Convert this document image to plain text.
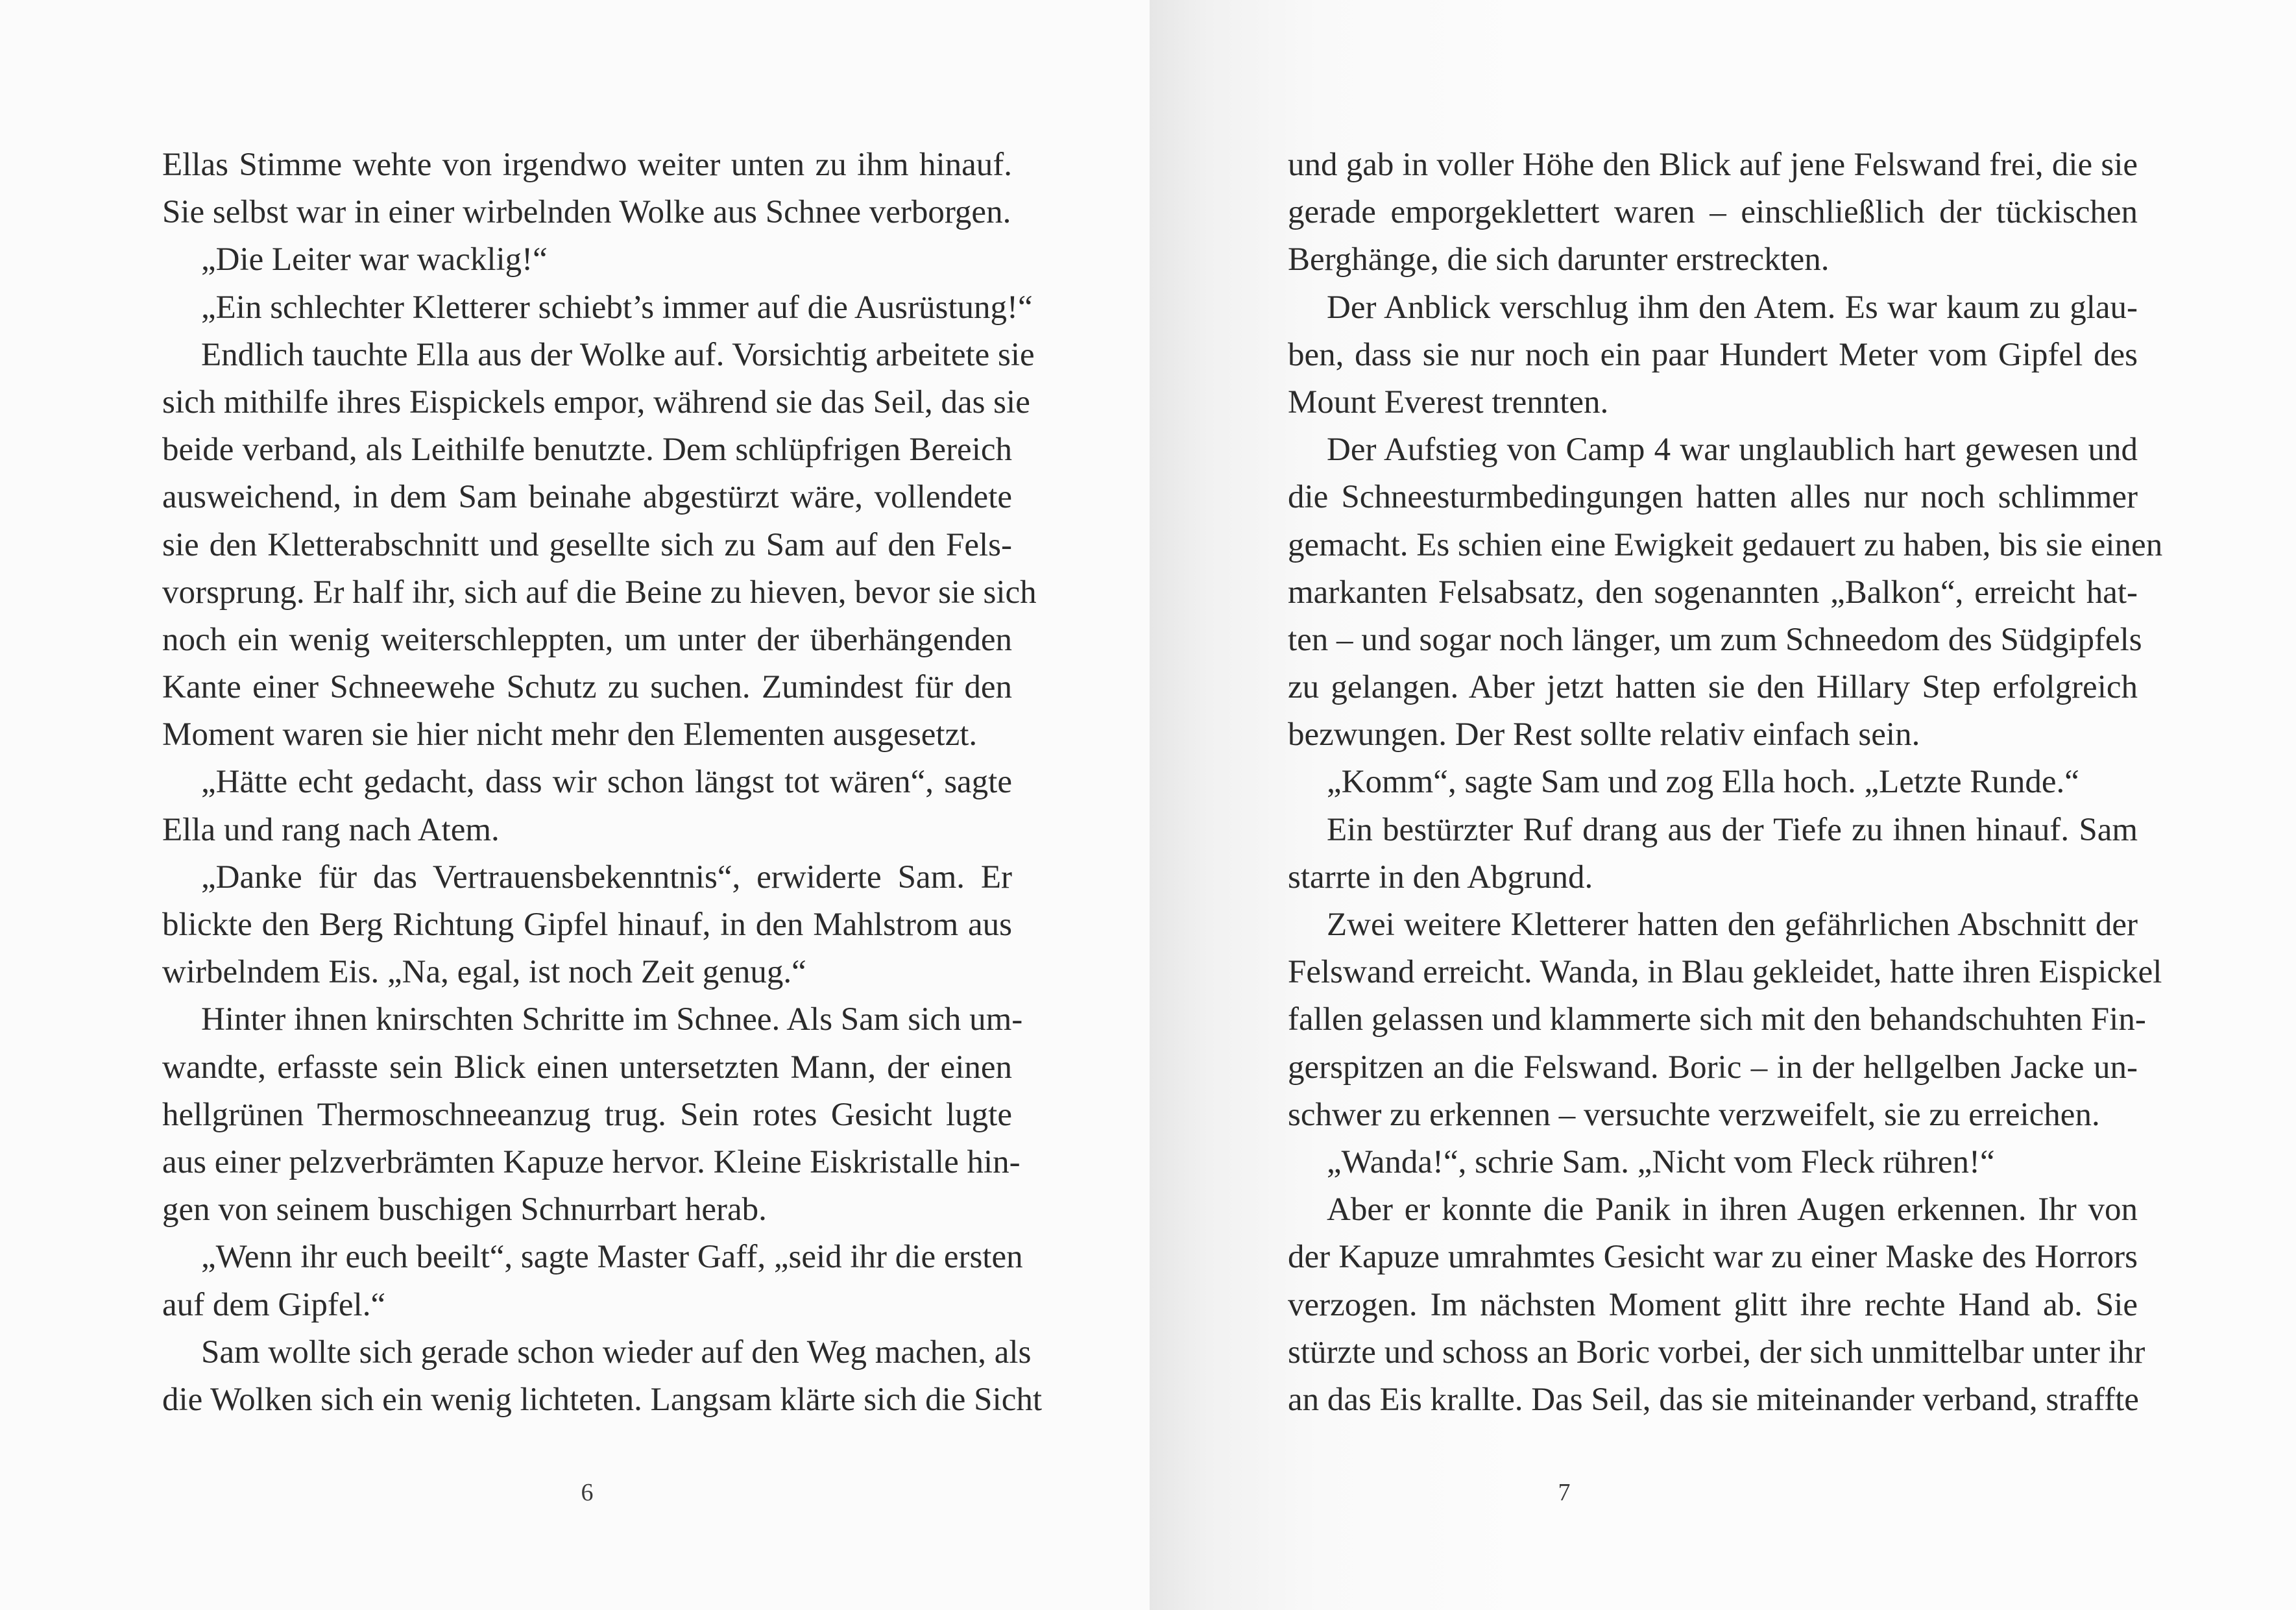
Ellas Stimme wehte von irgendwo weiter unten zu ihm hinauf.
Sie selbst war in einer wirbelnden Wolke aus Schnee verborgen.
„Die Leiter war wacklig!“
„Ein schlechter Kletterer schiebt’s immer auf die Ausrüstung!“
Endlich tauchte Ella aus der Wolke auf. Vorsichtig arbeitete sie
sich mithilfe ihres Eispickels empor, während sie das Seil, das sie
beide verband, als Leithilfe benutzte. Dem schlüpfrigen Bereich
ausweichend, in dem Sam beinahe abgestürzt wäre, vollendete
sie den Kletterabschnitt und gesellte sich zu Sam auf den Fels-
vorsprung. Er half ihr, sich auf die Beine zu hieven, bevor sie sich
noch ein wenig weiterschleppten, um unter der überhängenden
Kante einer Schneewehe Schutz zu suchen. Zumindest für den
Moment waren sie hier nicht mehr den Elementen ausgesetzt.
„Hätte echt gedacht, dass wir schon längst tot wären“, sagte
Ella und rang nach Atem.
„Danke für das Vertrauensbekenntnis“, erwiderte Sam. Er
blickte den Berg Richtung Gipfel hinauf, in den Mahlstrom aus
wirbelndem Eis. „Na, egal, ist noch Zeit genug.“
Hinter ihnen knirschten Schritte im Schnee. Als Sam sich um-
wandte, erfasste sein Blick einen untersetzten Mann, der einen
hellgrünen Thermoschneeanzug trug. Sein rotes Gesicht lugte
aus einer pelzverbrämten Kapuze hervor. Kleine Eiskristalle hin-
gen von seinem buschigen Schnurrbart herab.
„Wenn ihr euch beeilt“, sagte Master Gaff, „seid ihr die ersten
auf dem Gipfel.“
Sam wollte sich gerade schon wieder auf den Weg machen, als
die Wolken sich ein wenig lichteten. Langsam klärte sich die Sicht
6
und gab in voller Höhe den Blick auf jene Felswand frei, die sie
gerade emporgeklettert waren – einschließlich der tückischen
Berghänge, die sich darunter erstreckten.
Der Anblick verschlug ihm den Atem. Es war kaum zu glau-
ben, dass sie nur noch ein paar Hundert Meter vom Gipfel des
Mount Everest trennten.
Der Aufstieg von Camp 4 war unglaublich hart gewesen und
die Schneesturmbedingungen hatten alles nur noch schlimmer
gemacht. Es schien eine Ewigkeit gedauert zu haben, bis sie einen
markanten Felsabsatz, den sogenannten „Balkon“, erreicht hat-
ten – und sogar noch länger, um zum Schneedom des Südgipfels
zu gelangen. Aber jetzt hatten sie den Hillary Step erfolgreich
bezwungen. Der Rest sollte relativ einfach sein.
„Komm“, sagte Sam und zog Ella hoch. „Letzte Runde.“
Ein bestürzter Ruf drang aus der Tiefe zu ihnen hinauf. Sam
starrte in den Abgrund.
Zwei weitere Kletterer hatten den gefährlichen Abschnitt der
Felswand erreicht. Wanda, in Blau gekleidet, hatte ihren Eispickel
fallen gelassen und klammerte sich mit den behandschuhten Fin-
gerspitzen an die Felswand. Boric – in der hellgelben Jacke un-
schwer zu erkennen – versuchte verzweifelt, sie zu erreichen.
„Wanda!“, schrie Sam. „Nicht vom Fleck rühren!“
Aber er konnte die Panik in ihren Augen erkennen. Ihr von
der Kapuze umrahmtes Gesicht war zu einer Maske des Horrors
verzogen. Im nächsten Moment glitt ihre rechte Hand ab. Sie
stürzte und schoss an Boric vorbei, der sich unmittelbar unter ihr
an das Eis krallte. Das Seil, das sie miteinander verband, straffte
7
